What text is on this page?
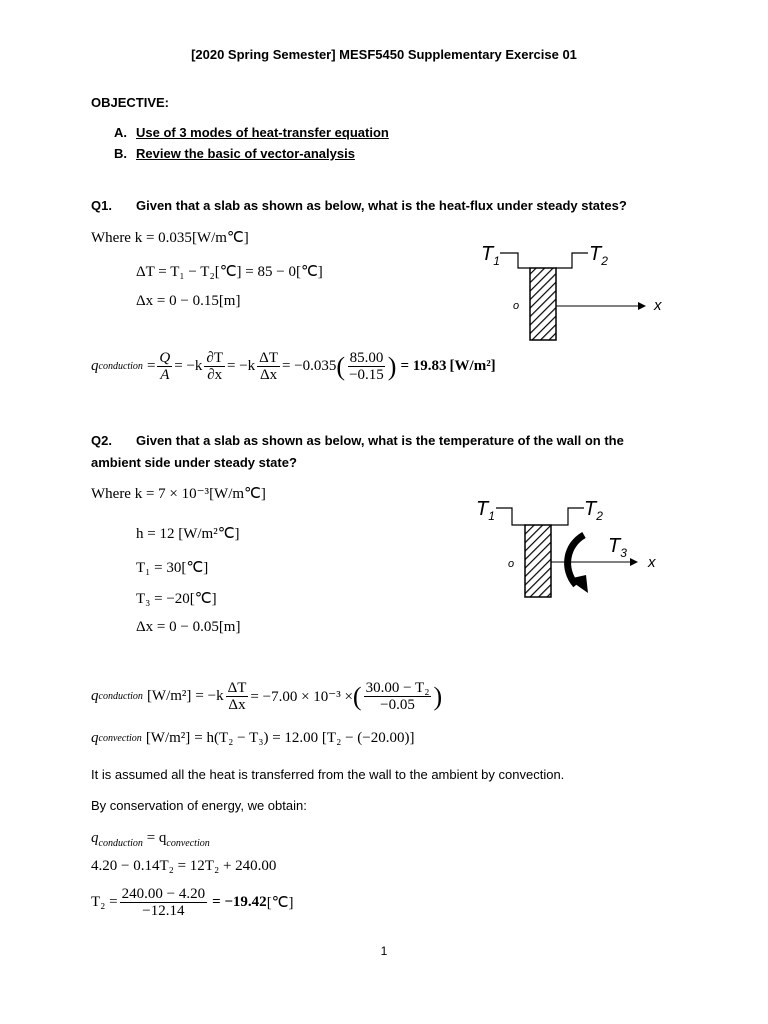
[2020 Spring Semester] MESF5450 Supplementary Exercise 01
OBJECTIVE:
A. Use of 3 modes of heat-transfer equation
B. Review the basic of vector-analysis
Q1. Given that a slab as shown as below, what is the heat-flux under steady states?
Where k = 0.035[W/m℃]
ΔT = T₁ − T₂[℃] = 85 − 0[℃]
Δx = 0 − 0.15[m]
$T_1$	$T_2$
o	x
q conduction = $\frac{Q}{A} = -k \frac{\partial T}{\partial x} = -k \frac{\Delta T}{\Delta x} = -0.035$ ( $\frac{85.00}{-0.15}$ ) = 19.83 [W/m²]
Q2. Given that a slab as shown as below, what is the temperature of the wall on the
ambient side under steady state?
Where k = 7 × 10⁻³[W/m℃]
h = 12 [W/m²℃]
T₁ = 30[℃]
T₃ = −20[℃]
Δx = 0 − 0.05[m]
$T_1$	$T_2$
$T_3$
o	x
q conduction $[W/m^2] = -k \frac{\Delta T}{\Delta x} = -7.00 \times 10^{-3}$ × ( $\frac{\text{30.00 − T₂}}{-0.05}$ )
q convection [W/m²] = h(T₂ − T₃) = 12.00 [T₂ − (−20.00)]
It is assumed all the heat is transferred from the wall to the ambient by convection.
By conservation of energy, we obtain:
$q_{conduction} = q_{convection}$
4.20 − 0.14T₂ = 12T₂ + 240.00
$T_2 = \frac{240.00 - 4.20}{-12.14} = -19.42$ [℃]
1
